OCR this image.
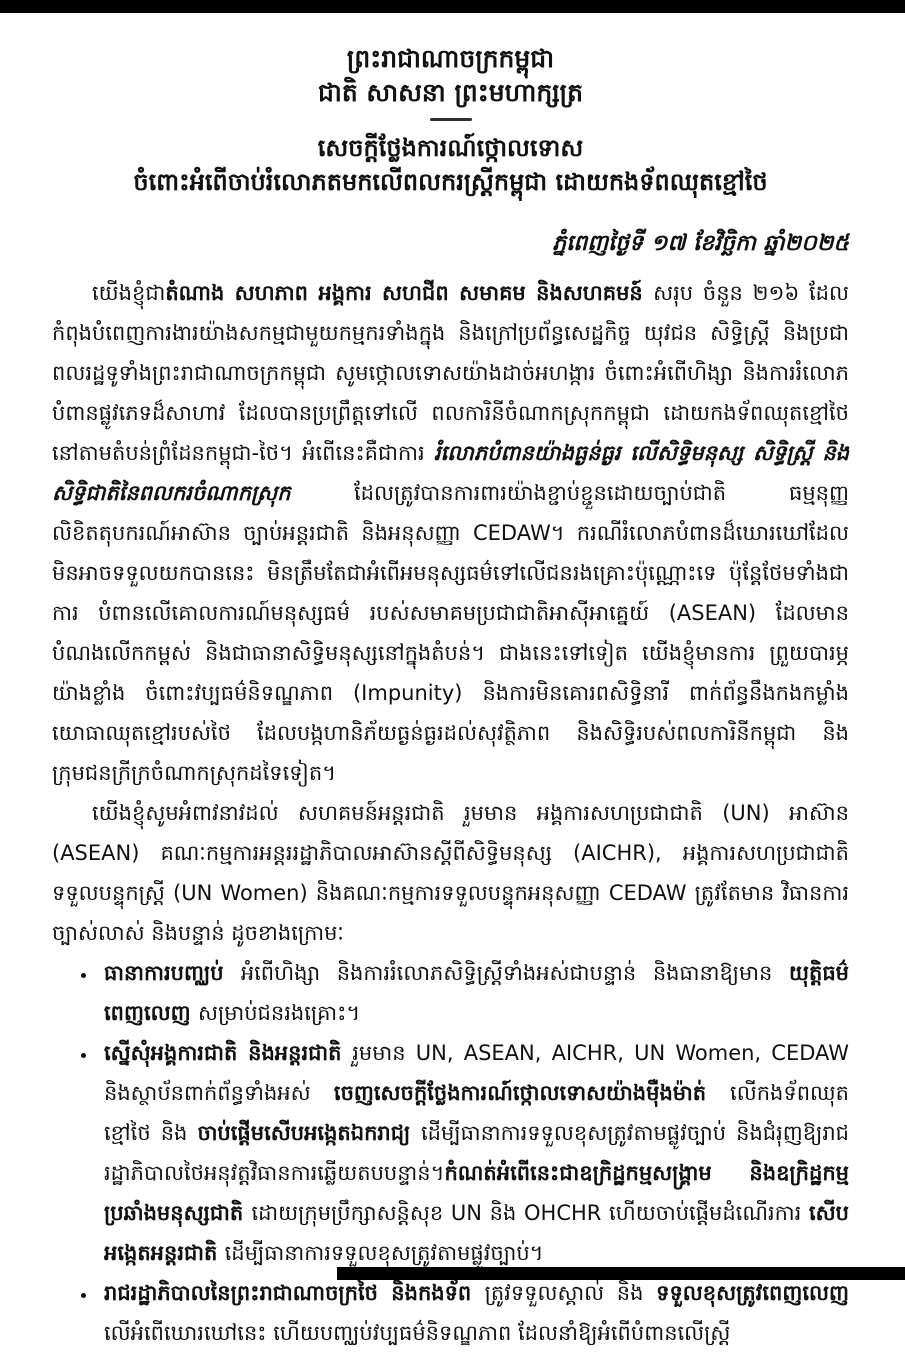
ព្រះរាជាណាចក្រកម្ពុជា
ជាតិ សាសនា ព្រះមហាក្សត្រ
សេចក្តីថ្លែងការណ៍ថ្កោលទោស
ចំពោះអំពើចាប់រំលោភតមកលើពលករស្ត្រីកម្ពុជា ដោយកងទ័ពឈុតខ្មៅថៃ
ភ្នំពេញថ្ងៃទី ១៧ ខែវិច្ឆិកា ឆ្នាំ២០២៥

យើងខ្ញុំជាតំណាង សហភាព អង្គការ សហជីព សមាគម និងសហគមន៍ សរុប ចំនួន ២១៦ ដែលកំពុងបំពេញការងារយ៉ាងសកម្មជាមួយកម្មករទាំងក្នុង និងក្រៅប្រព័ន្ធសេដ្ឋកិច្ច យុវជន សិទ្ធិស្ត្រី និងប្រជាពលរដ្ឋទូទាំងព្រះរាជាណាចក្រកម្ពុជា សូមថ្កោលទោសយ៉ាងដាច់អហង្ការ ចំពោះអំពើហិង្សា និងការរំលោភបំពានផ្លូវភេទដ៏សាហាវ ដែលបានប្រព្រឹត្តទៅលើ ពលការិនីចំណាកស្រុកកម្ពុជា ដោយកងទ័ពឈុតខ្មៅថៃនៅតាមតំបន់ព្រំដែនកម្ពុជា-ថៃ។ អំពើនេះគឺជាការ រំលោភបំពានយ៉ាងធ្ងន់ធ្ងរ លើសិទ្ធិមនុស្ស សិទ្ធិស្ត្រី និងសិទ្ធិជាតិនៃពលករចំណាកស្រុក ដែលត្រូវបានការពារយ៉ាងខ្ជាប់ខ្ជួនដោយច្បាប់ជាតិ ធម្មនុញ្ញ លិខិតតុបករណ៍អាស៊ាន ច្បាប់អន្តរជាតិ និងអនុសញ្ញា CEDAW។ ករណីរំលោភបំពានដ៏ឃោរឃៅដែលមិនអាចទទួលយកបាននេះ មិនត្រឹមតែជាអំពើអមនុស្សធម៌ទៅលើជនរងគ្រោះប៉ុណ្ណោះទេ ប៉ុន្តែថែមទាំងជាការ បំពានលើគោលការណ៍មនុស្សធម៌ របស់សមាគមប្រជាជាតិអាស៊ីអាគ្នេយ៍ (ASEAN) ដែលមានបំណងលើកកម្ពស់ និងជាធានាសិទ្ធិមនុស្សនៅក្នុងតំបន់។ ជាងនេះទៅទៀត យើងខ្ញុំមានការ ព្រួយបារម្ភយ៉ាងខ្លាំង ចំពោះវប្បធម៌និទណ្ឌភាព (Impunity) និងការមិនគោរពសិទ្ធិនារី ពាក់ព័ន្ធនឹងកងកម្លាំងយោធាឈុតខ្មៅរបស់ថៃ ដែលបង្កហានិភ័យធ្ងន់ធ្ងរដល់សុវត្ថិភាព និងសិទ្ធិរបស់ពលការិនីកម្ពុជា និងក្រុមជនក្រីក្រចំណាកស្រុកដទៃទៀត។

យើងខ្ញុំសូមអំពាវនាវដល់ សហគមន៍អន្តរជាតិ រួមមាន អង្គការសហប្រជាជាតិ (UN) អាស៊ាន (ASEAN) គណៈកម្មការអន្តររដ្ឋាភិបាលអាស៊ានស្តីពីសិទ្ធិមនុស្ស (AICHR), អង្គការសហប្រជាជាតិទទួលបន្ទុកស្ត្រី (UN Women) និងគណៈកម្មការទទួលបន្ទុកអនុសញ្ញា CEDAW ត្រូវតែមាន វិធានការច្បាស់លាស់ និងបន្ទាន់ ដូចខាងក្រោមៈ

• ធានាការបញ្ឈប់ អំពើហិង្សា និងការរំលោភសិទ្ធិស្ត្រីទាំងអស់ជាបន្ទាន់ និងធានាឱ្យមាន យុត្តិធម៌ពេញលេញ សម្រាប់ជនរងគ្រោះ។
• ស្នើសុំអង្គការជាតិ និងអន្តរជាតិ រួមមាន UN, ASEAN, AICHR, UN Women, CEDAW និងស្ថាប័នពាក់ព័ន្ធទាំងអស់ ចេញសេចក្តីថ្លែងការណ៍ថ្កោលទោសយ៉ាងម៉ឺងម៉ាត់ លើកងទ័ពឈុតខ្មៅថៃ និង ចាប់ផ្ដើមសើបអង្កេតឯករាជ្យ ដើម្បីធានាការទទួលខុសត្រូវតាមផ្លូវច្បាប់ និងជំរុញឱ្យរាជរដ្ឋាភិបាលថៃអនុវត្តវិធានការឆ្លើយតបបន្ទាន់។កំណត់អំពើនេះជាឧក្រិដ្ឋកម្មសង្គ្រាម និងឧក្រិដ្ឋកម្មប្រឆាំងមនុស្សជាតិ ដោយក្រុមប្រឹក្សាសន្តិសុខ UN និង OHCHR ហើយចាប់ផ្ដើមដំណើរការ សើបអង្កេតអន្តរជាតិ ដើម្បីធានាការទទួលខុសត្រូវតាមផ្លូវច្បាប់។
• រាជរដ្ឋាភិបាលនៃព្រះរាជាណាចក្រថៃ និងកងទ័ព ត្រូវទទួលស្គាល់ និង ទទួលខុសត្រូវពេញលេញ លើអំពើឃោរឃៅនេះ ហើយបញ្ឈប់វប្បធម៌និទណ្ឌភាព ដែលនាំឱ្យអំពើបំពានលើស្ត្រី
